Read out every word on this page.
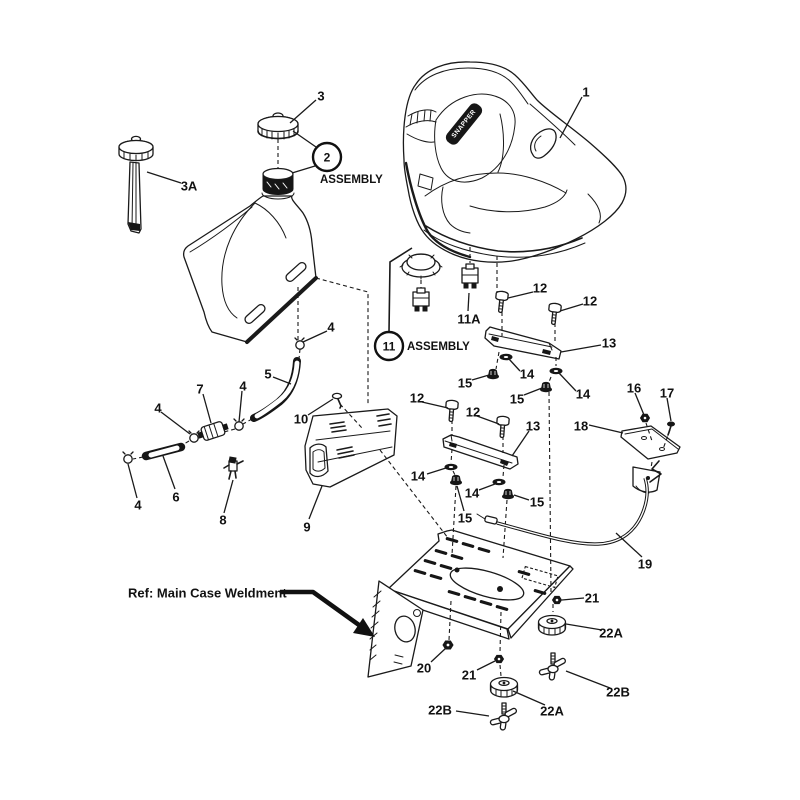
SNAPPER
Ref: Main Case Weldment
2
ASSEMBLY
11 ASSEMBLY
1
3
3A
4
4
4
4
5
6
7
8	9
10
11A
12
12
12
12
13
13
14
14
14
14
15
15
15
15
16 17
18
19
20
21
21
22A
22A
22B
22B
